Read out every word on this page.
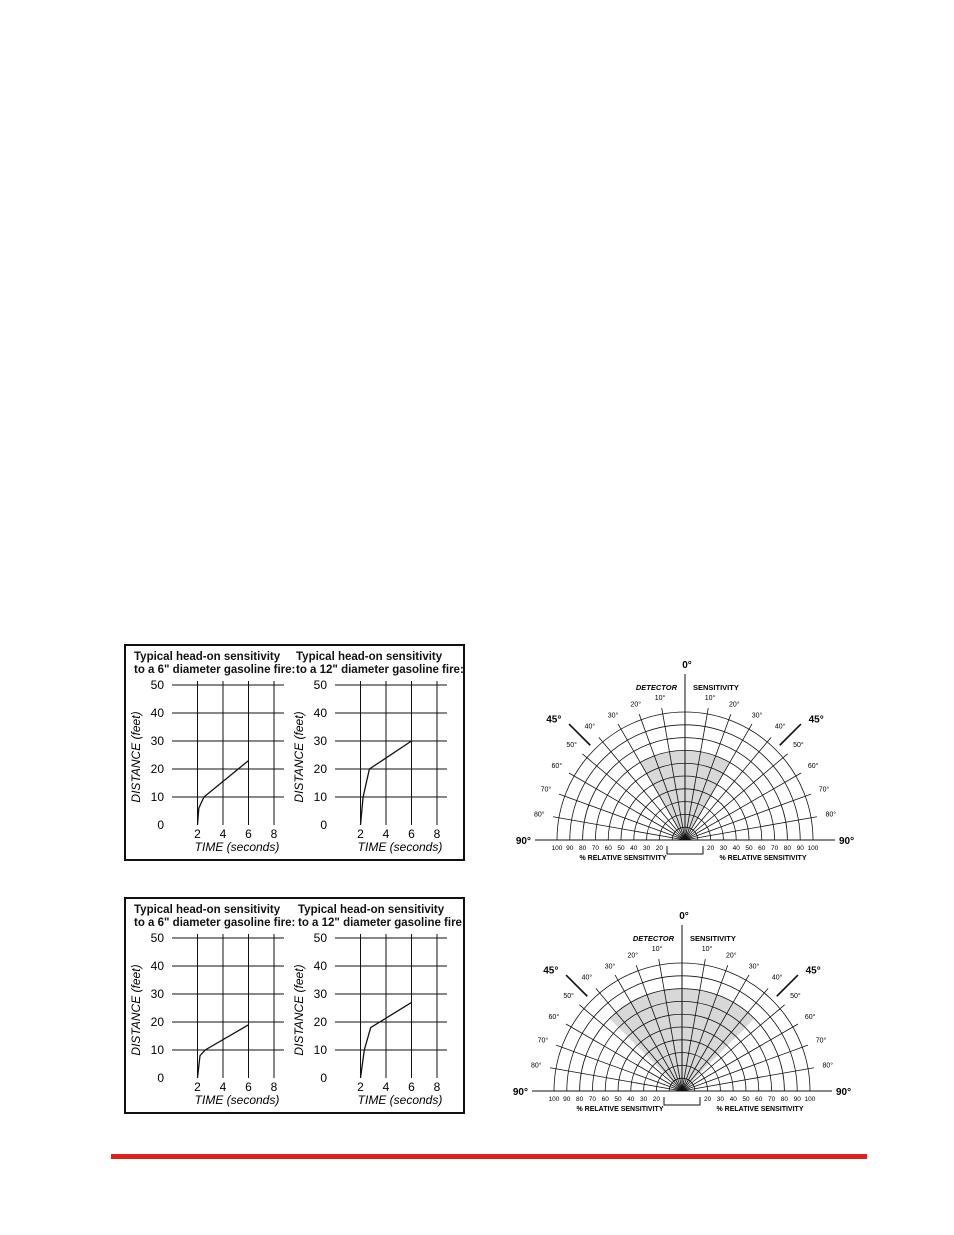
Typical head-on sensitivity
to a 6" diameter gasoline fire:
Typical head-on sensitivity
to a 12" diameter gasoline fire:
0
10
20
30
40
50
2 4 6 8
TIME (seconds)
DISTANCE (feet)
0
10
20
30
40
50
2 4 6 8
TIME (seconds)
DISTANCE (feet)
Typical head-on sensitivity
to a 6" diameter gasoline fire:
Typical head-on sensitivity
to a 12" diameter gasoline fire:
0
10
20
30
40
50
2 4 6 8
TIME (seconds)
DISTANCE (feet)
0
10
20
30
40
50
2 4 6 8
TIME (seconds)
DISTANCE (feet)
10°	10°
20°	20°
30°	30°
40°	40°
50°	50°
60°	60°
70°	70°
80°	80°
45°	45°
0°
DETECTOR SENSITIVITY
90°	90°
100 90 80 70 60 50 40 30 20	20 30 40 50 60 70 80 90 100
% RELATIVE SENSITIVITY	% RELATIVE SENSITIVITY
10°	10°
20°	20°
30°	30°
40°	40°
50°	50°
60°	60°
70°	70°
80°	80°
45°	45°
0°
DETECTOR SENSITIVITY
90°	90°
100 90 80 70 60 50 40 30 20	20 30 40 50 60 70 80 90 100
% RELATIVE SENSITIVITY	% RELATIVE SENSITIVITY
